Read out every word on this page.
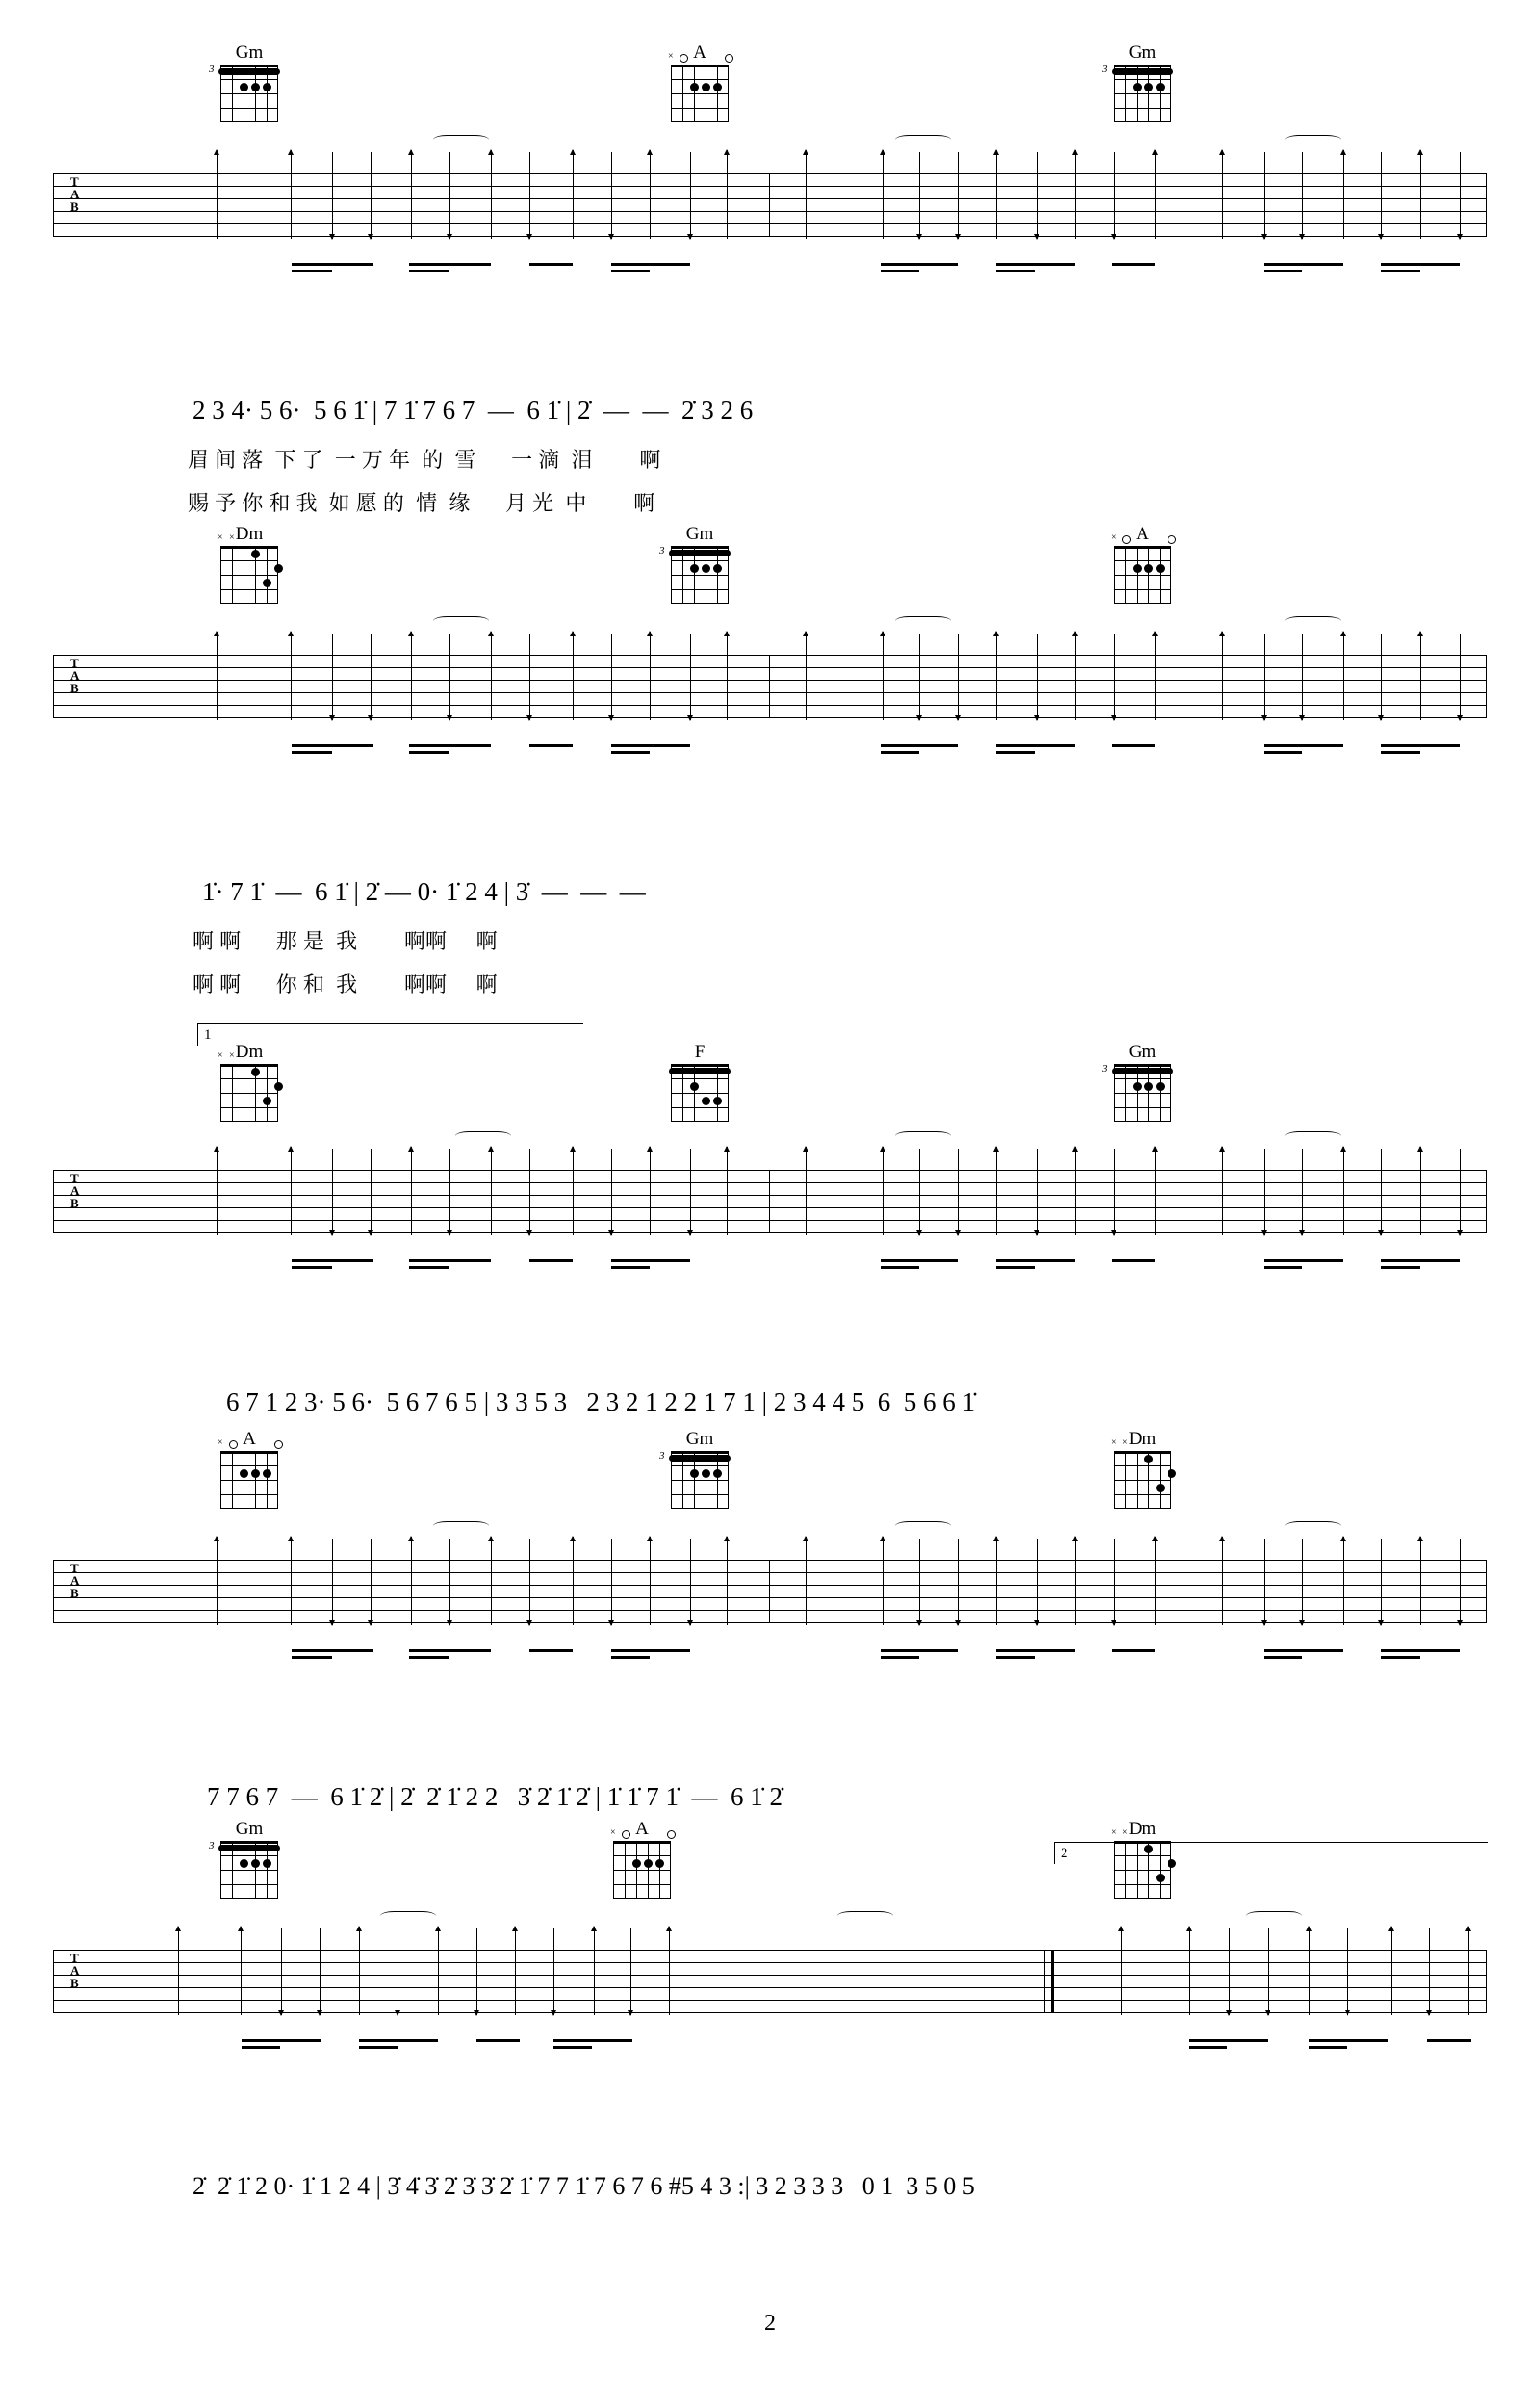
Gm
3
A
×	Gm
3
T
A
B

2 3 4· 5 6·  5 6 1̇ | 7 1̇ 7 6 7  —  6 1̇ | 2̇  —  —  2̇ 3 2 6

眉 间 落  下 了  一 万 年  的  雪      一 滴  泪        啊

赐 予 你 和 我  如 愿 的  情  缘      月 光  中        啊

Dm
× ×	Gm
3
A
×
T
A
B

1̇· 7 1̇  —  6 1̇ | 2̇ — 0· 1̇ 2 4 | 3̇  —  —  —

啊 啊      那 是  我        啊啊     啊

啊 啊      你 和  我        啊啊     啊

1
Dm
× ×	F	Gm
3
T
A
B

6 7 1 2 3· 5 6·  5 6 7 6 5 | 3 3 5 3   2 3 2 1 2 2 1 7 1 | 2 3 4 4 5  6  5 6 6 1̇

A
×	Gm
3
Dm
× ×
T
A
B

7 7 6 7  —  6 1̇ 2̇ | 2̇  2̇ 1̇ 2 2   3̇ 2̇ 1̇ 2̇ | 1̇ 1̇ 7 1̇  —  6 1̇ 2̇

2
Gm
3
A
×	Dm
× ×
T
A
B

2̇  2̇ 1̇ 2 0· 1̇ 1 2 4 | 3̇ 4̇ 3̇ 2̇ 3̇ 3̇ 2̇ 1̇ 7 7 1̇ 7 6 7 6 #5 4 3 :| 3 2 3 3 3   0 1  3 5 0 5

2
